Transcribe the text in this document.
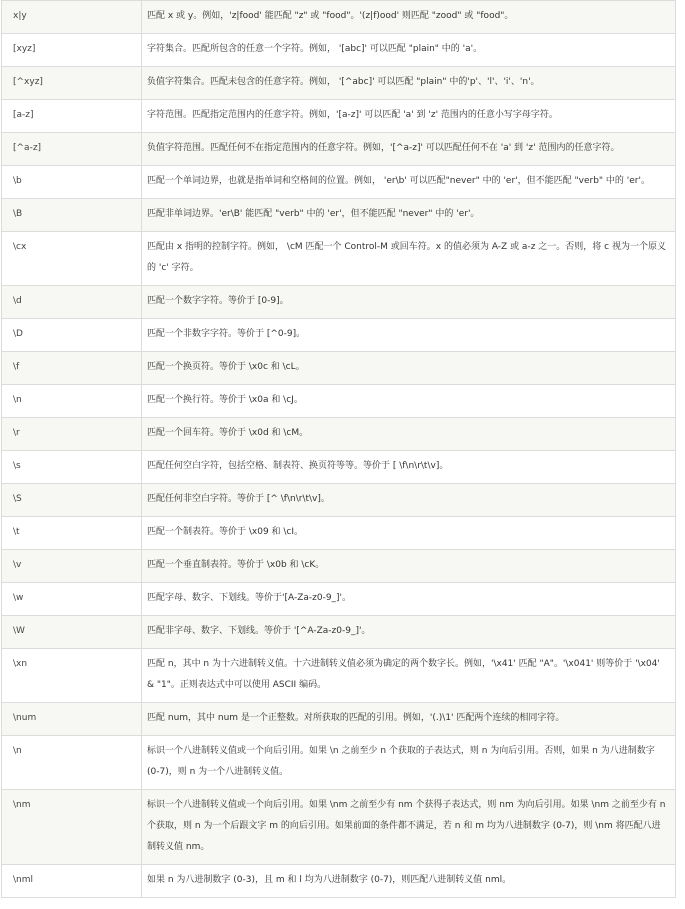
x|y	匹配 x 或 y。例如，'z|food' 能匹配 "z" 或 "food"。'(z|f)ood' 则匹配 "zood" 或 "food"。
[xyz]	字符集合。匹配所包含的任意一个字符。例如， '[abc]' 可以匹配 "plain" 中的 'a'。
[^xyz]	负值字符集合。匹配未包含的任意字符。例如， '[^abc]' 可以匹配 "plain" 中的'p'、'l'、'i'、'n'。
[a-z]	字符范围。匹配指定范围内的任意字符。例如，'[a-z]' 可以匹配 'a' 到 'z' 范围内的任意小写字母字符。
[^a-z]	负值字符范围。匹配任何不在指定范围内的任意字符。例如，'[^a-z]' 可以匹配任何不在 'a' 到 'z' 范围内的任意字符。
\b	匹配一个单词边界，也就是指单词和空格间的位置。例如， 'er\b' 可以匹配"never" 中的 'er'，但不能匹配 "verb" 中的 'er'。
\B	匹配非单词边界。'er\B' 能匹配 "verb" 中的 'er'，但不能匹配 "never" 中的 'er'。
\cx	匹配由 x 指明的控制字符。例如， \cM 匹配一个 Control-M 或回车符。x 的值必须为 A-Z 或 a-z 之一。否则，将 c 视为一个原义的 'c' 字符。
\d	匹配一个数字字符。等价于 [0-9]。
\D	匹配一个非数字字符。等价于 [^0-9]。
\f	匹配一个换页符。等价于 \x0c 和 \cL。
\n	匹配一个换行符。等价于 \x0a 和 \cJ。
\r	匹配一个回车符。等价于 \x0d 和 \cM。
\s	匹配任何空白字符，包括空格、制表符、换页符等等。等价于 [ \f\n\r\t\v]。
\S	匹配任何非空白字符。等价于 [^ \f\n\r\t\v]。
\t	匹配一个制表符。等价于 \x09 和 \cI。
\v	匹配一个垂直制表符。等价于 \x0b 和 \cK。
\w	匹配字母、数字、下划线。等价于'[A-Za-z0-9_]'。
\W	匹配非字母、数字、下划线。等价于 '[^A-Za-z0-9_]'。
\xn	匹配 n，其中 n 为十六进制转义值。十六进制转义值必须为确定的两个数字长。例如，'\x41' 匹配 "A"。'\x041' 则等价于 '\x04' & "1"。正则表达式中可以使用 ASCII 编码。
\num	匹配 num，其中 num 是一个正整数。对所获取的匹配的引用。例如，'(.)\1' 匹配两个连续的相同字符。
\n	标识一个八进制转义值或一个向后引用。如果 \n 之前至少 n 个获取的子表达式，则 n 为向后引用。否则，如果 n 为八进制数字 (0-7)，则 n 为一个八进制转义值。
\nm	标识一个八进制转义值或一个向后引用。如果 \nm 之前至少有 nm 个获得子表达式，则 nm 为向后引用。如果 \nm 之前至少有 n 个获取，则 n 为一个后跟文字 m 的向后引用。如果前面的条件都不满足，若 n 和 m 均为八进制数字 (0-7)，则 \nm 将匹配八进制转义值 nm。
\nml	如果 n 为八进制数字 (0-3)，且 m 和 l 均为八进制数字 (0-7)，则匹配八进制转义值 nml。
